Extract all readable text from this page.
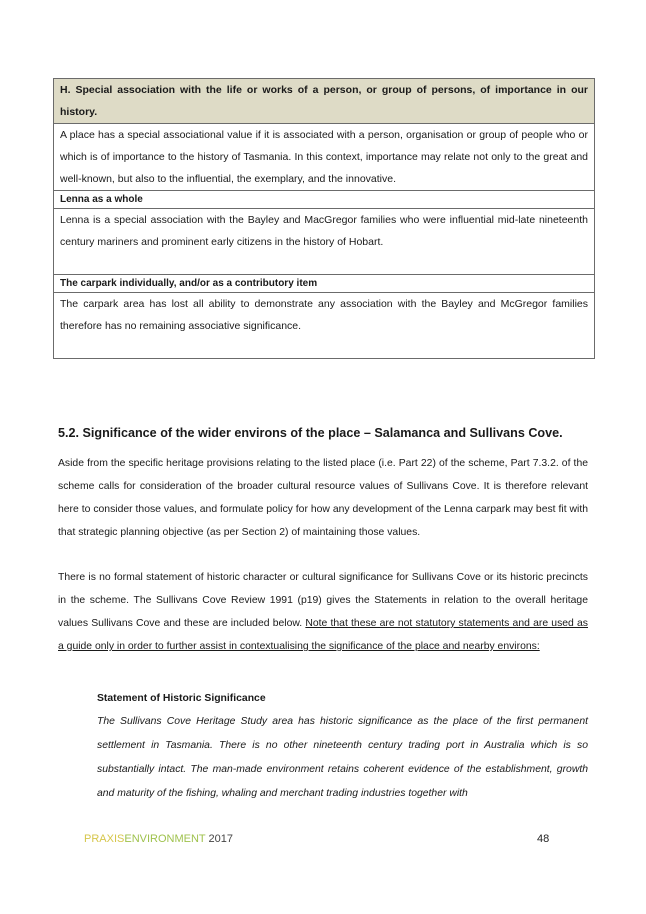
H. Special association with the life or works of a person, or group of persons, of importance in our history.
A place has a special associational value if it is associated with a person, organisation or group of people who or which is of importance to the history of Tasmania. In this context, importance may relate not only to the great and well-known, but also to the influential, the exemplary, and the innovative.
Lenna as a whole
Lenna is a special association with the Bayley and MacGregor families who were influential mid-late nineteenth century mariners and prominent early citizens in the history of Hobart.
The carpark individually, and/or as a contributory item
The carpark area has lost all ability to demonstrate any association with the Bayley and McGregor families therefore has no remaining associative significance.
5.2. Significance of the wider environs of the place – Salamanca and Sullivans Cove.

Aside from the specific heritage provisions relating to the listed place (i.e. Part 22) of the scheme, Part 7.3.2. of the scheme calls for consideration of the broader cultural resource values of Sullivans Cove. It is therefore relevant here to consider those values, and formulate policy for how any development of the Lenna carpark may best fit with that strategic planning objective (as per Section 2) of maintaining those values.

There is no formal statement of historic character or cultural significance for Sullivans Cove or its historic precincts in the scheme. The Sullivans Cove Review 1991 (p19) gives the Statements in relation to the overall heritage values Sullivans Cove and these are included below. Note that these are not statutory statements and are used as a guide only in order to further assist in contextualising the significance of the place and nearby environs:

Statement of Historic Significance

The Sullivans Cove Heritage Study area has historic significance as the place of the first permanent settlement in Tasmania. There is no other nineteenth century trading port in Australia which is so substantially intact. The man-made environment retains coherent evidence of the establishment, growth and maturity of the fishing, whaling and merchant trading industries together with

PRAXISENVIRONMENT 2017	48
